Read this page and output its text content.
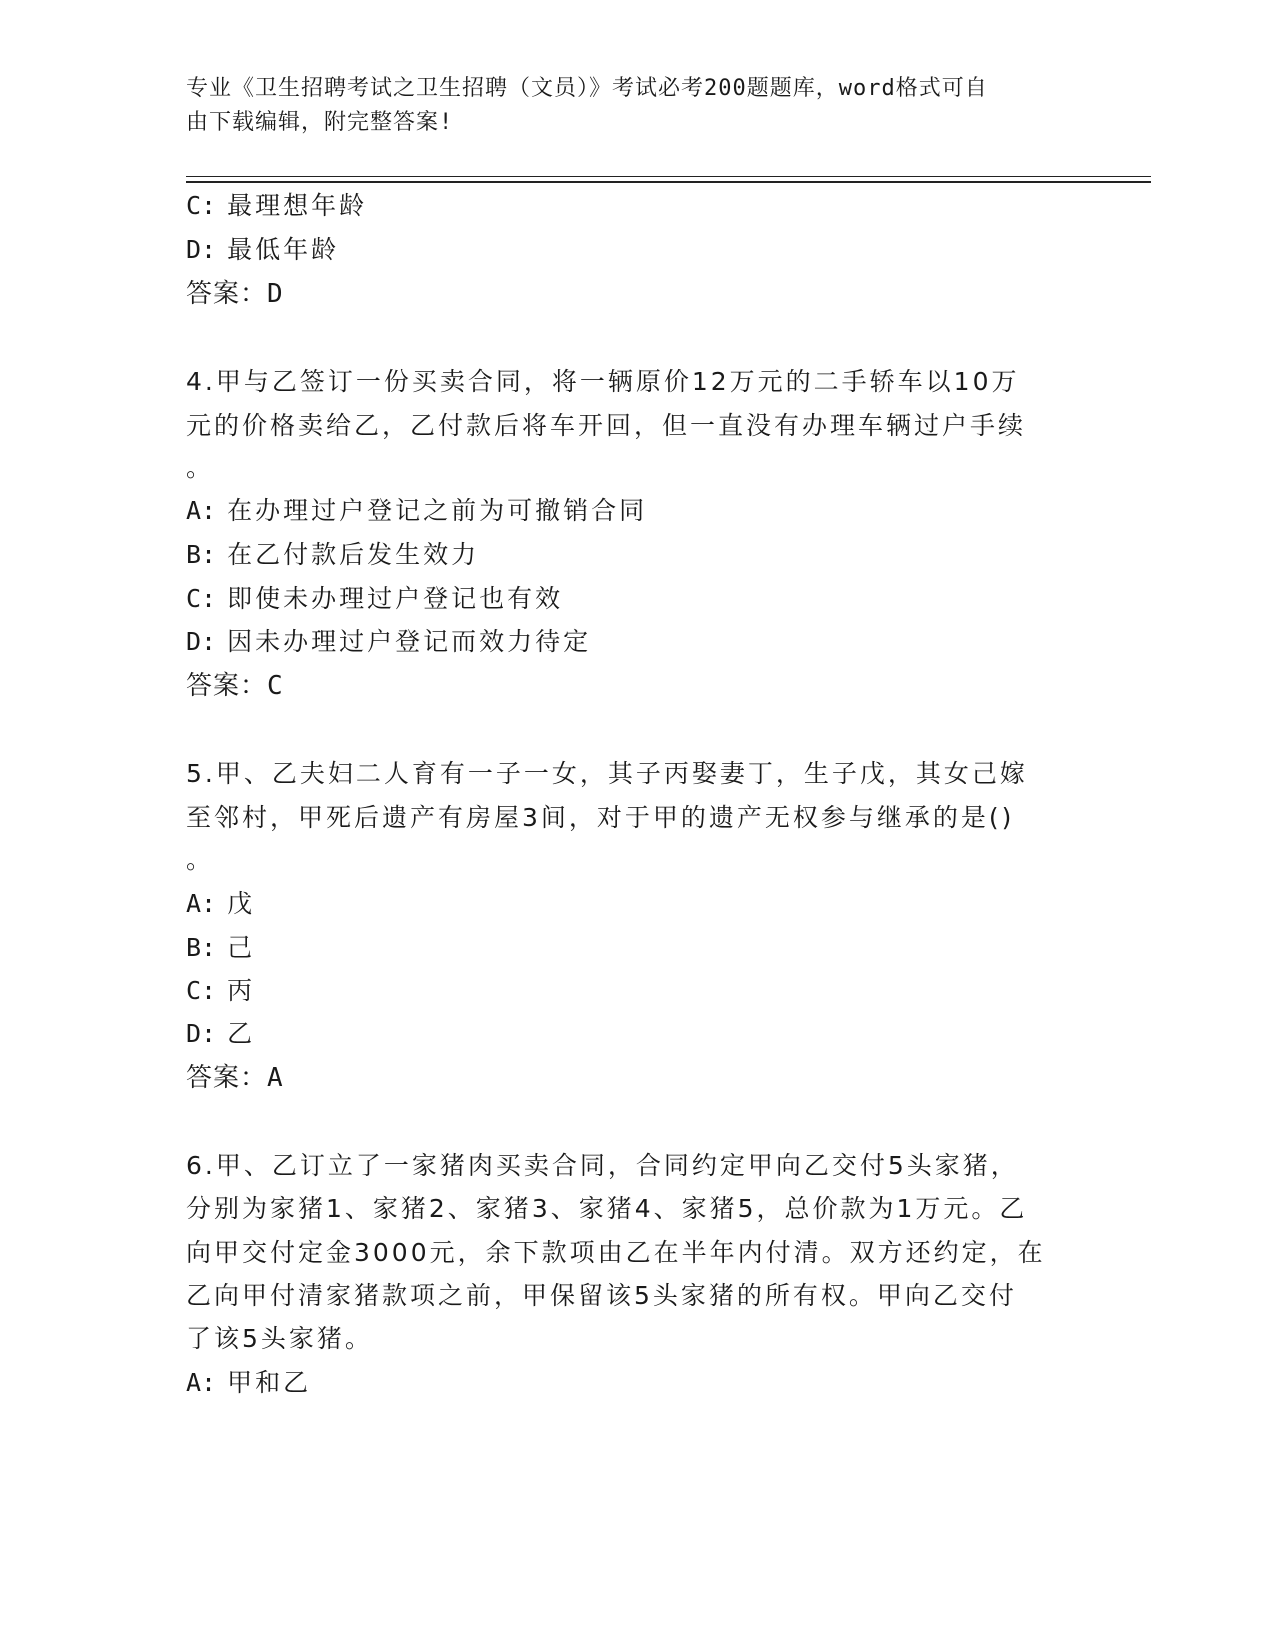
专业《卫生招聘考试之卫生招聘（文员）》考试必考200题题库，word格式可自
由下载编辑，附完整答案!
C: 最理想年龄
D: 最低年龄
答案：D
4.甲与乙签订一份买卖合同，将一辆原价12万元的二手轿车以10万
元的价格卖给乙，乙付款后将车开回，但一直没有办理车辆过户手续
。
A: 在办理过户登记之前为可撤销合同
B: 在乙付款后发生效力
C: 即使未办理过户登记也有效
D: 因未办理过户登记而效力待定
答案：C
5.甲、乙夫妇二人育有一子一女，其子丙娶妻丁，生子戊，其女己嫁
至邻村，甲死后遗产有房屋3间，对于甲的遗产无权参与继承的是()
。
A: 戊
B: 己
C: 丙
D: 乙
答案：A
6.甲、乙订立了一家猪肉买卖合同，合同约定甲向乙交付5头家猪，
分别为家猪1、家猪2、家猪3、家猪4、家猪5，总价款为1万元。乙
向甲交付定金3000元，余下款项由乙在半年内付清。双方还约定，在
乙向甲付清家猪款项之前，甲保留该5头家猪的所有权。甲向乙交付
了该5头家猪。
A: 甲和乙
